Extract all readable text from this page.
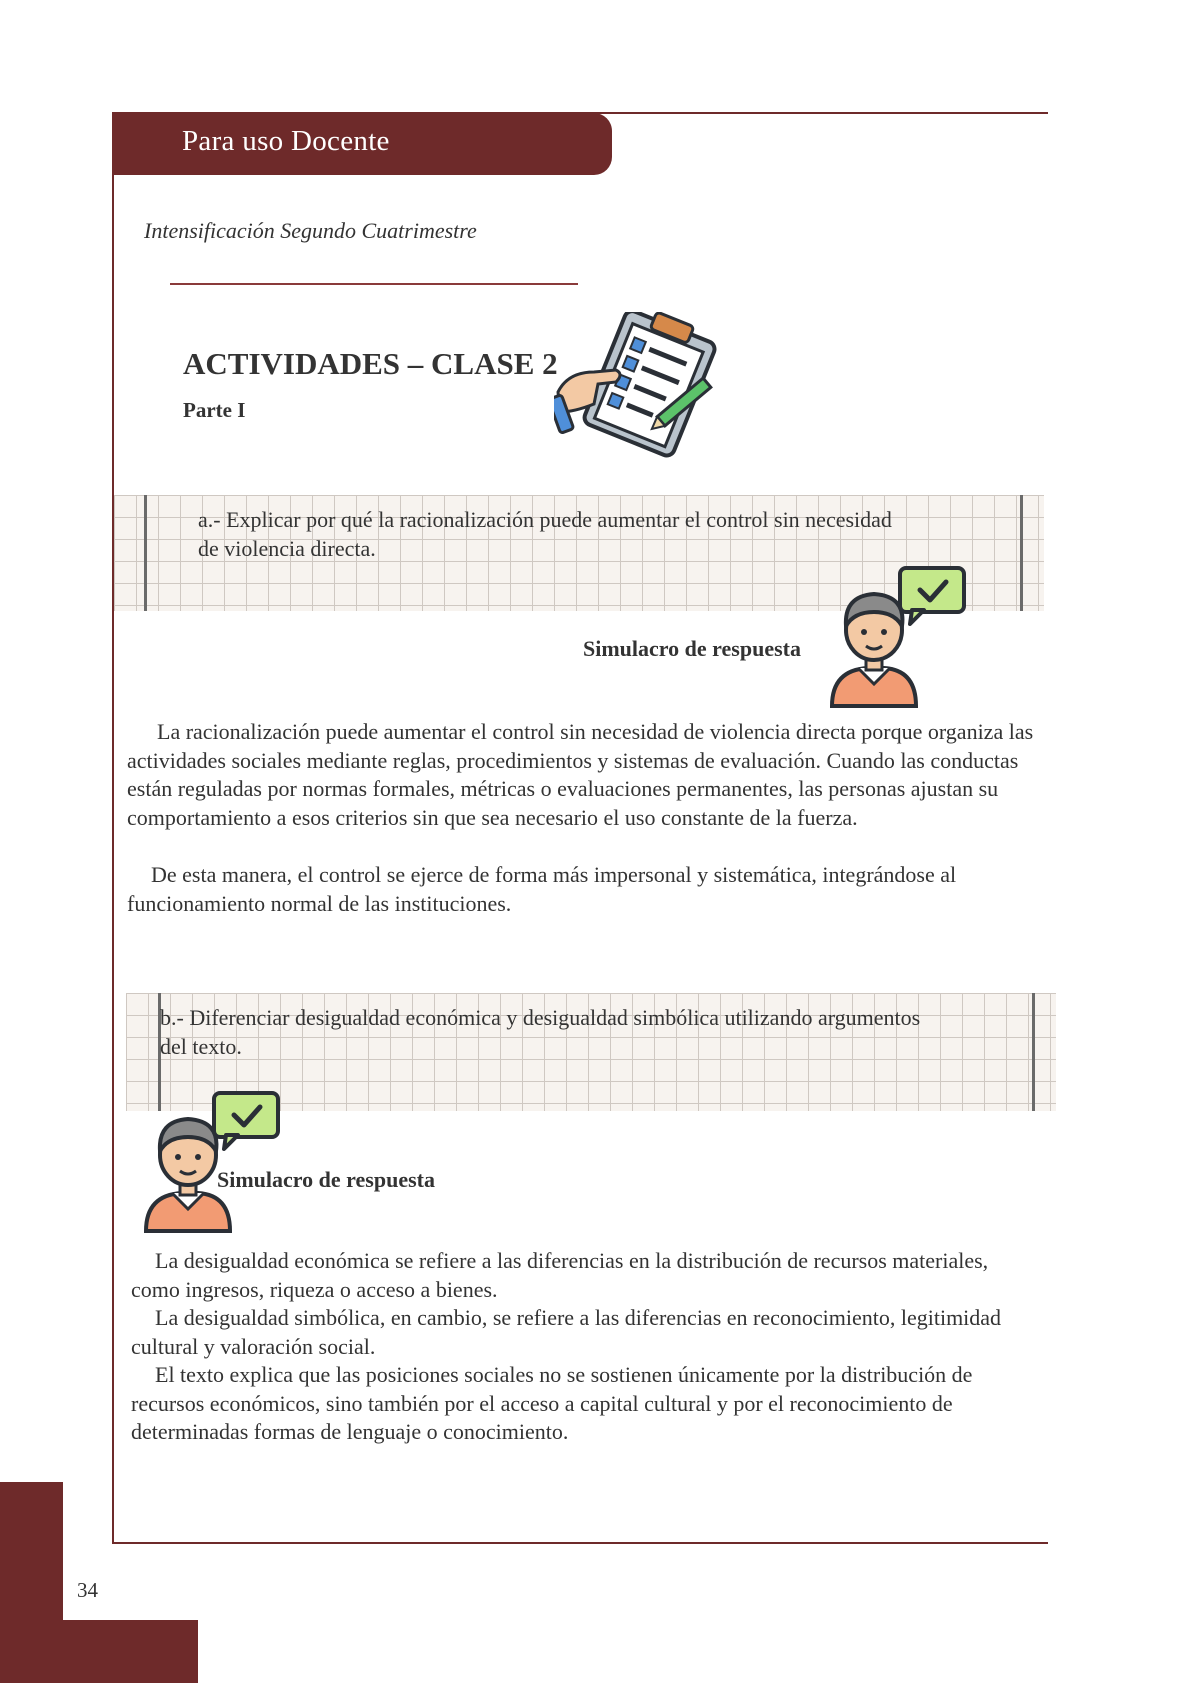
Para uso Docente
Intensificación Segundo Cuatrimestre
ACTIVIDADES – CLASE 2
Parte I
a.- Explicar por qué la racionalización puede aumentar el control sin necesidad
de violencia directa.
Simulacro de respuesta

La racionalización puede aumentar el control sin necesidad de violencia directa porque organiza las actividades sociales mediante reglas, procedimientos y sistemas de evaluación. Cuando las conductas están reguladas por normas formales, métricas o evaluaciones permanentes, las personas ajustan su comportamiento a esos criterios sin que sea necesario el uso constante de la fuerza.

De esta manera, el control se ejerce de forma más impersonal y sistemática, integrándose al funcionamiento normal de las instituciones.

b.- Diferenciar desigualdad económica y desigualdad simbólica utilizando argumentos
del texto.
Simulacro de respuesta

La desigualdad económica se refiere a las diferencias en la distribución de recursos materiales, como ingresos, riqueza o acceso a bienes.

La desigualdad simbólica, en cambio, se refiere a las diferencias en reconocimiento, legitimidad cultural y valoración social.

El texto explica que las posiciones sociales no se sostienen únicamente por la distribución de recursos económicos, sino también por el acceso a capital cultural y por el reconocimiento de determinadas formas de lenguaje o conocimiento.

34
